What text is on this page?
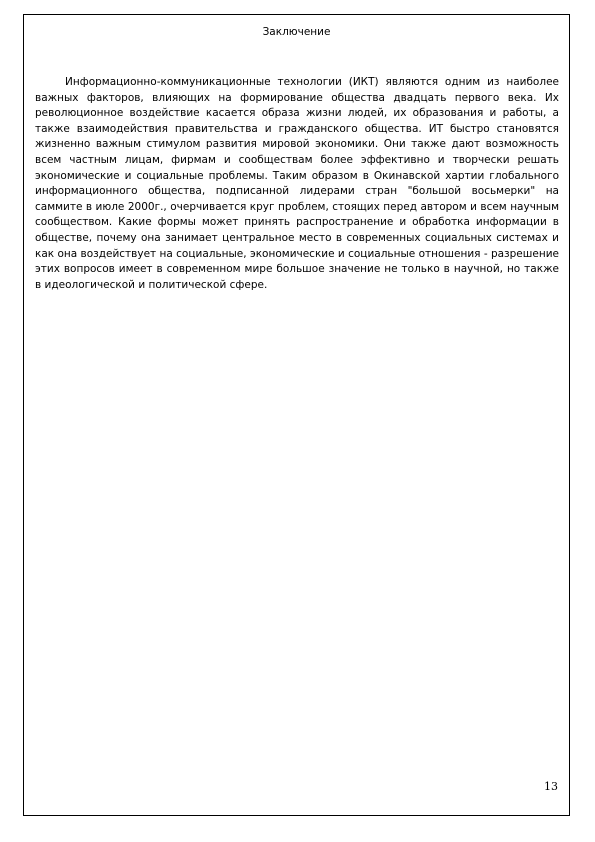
Заключение

Информационно-коммуникационные технологии (ИКТ) являются одним из наиболее важных факторов, влияющих на формирование общества двадцать первого века. Их революционное воздействие касается образа жизни людей, их образования и работы, а также взаимодействия правительства и гражданского общества. ИТ быстро становятся жизненно важным стимулом развития мировой экономики. Они также дают возможность всем частным лицам, фирмам и сообществам более эффективно и творчески решать экономические и социальные проблемы. Таким образом в Окинавской хартии глобального информационного общества, подписанной лидерами стран "большой восьмерки" на саммите в июле 2000г., очерчивается круг проблем, стоящих перед автором и всем научным сообществом. Какие формы может принять распространение и обработка информации в обществе, почему она занимает центральное место в современных социальных системах и как она воздействует на социальные, экономические и социальные отношения - разрешение этих вопросов имеет в современном мире большое значение не только в научной, но также в идеологической и политической сфере.

13
